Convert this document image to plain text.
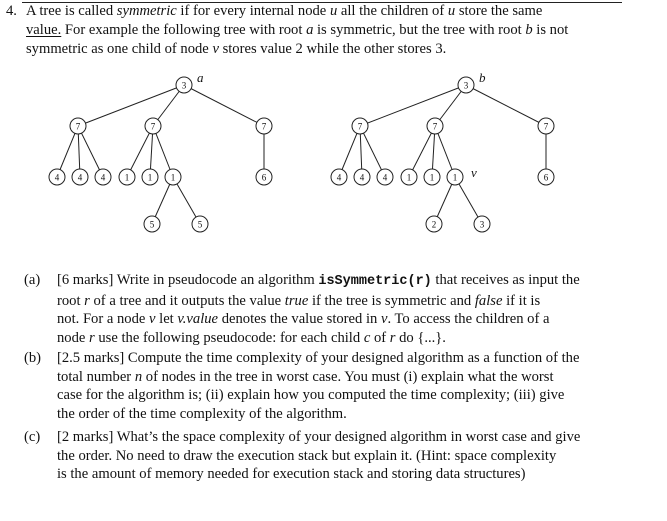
4. A tree is called symmetric if for every internal node u all the children of u store the same
value. For example the following tree with root a is symmetric, but the tree with root b is not
symmetric as one child of node v stores value 2 while the other stores 3.
3
7	7	7
4 4 4 1 1 1	6
5	5
a
3
7	7	7
4 4 4 1 1 1	6
2	3
b
v
(a) [6 marks] Write in pseudocode an algorithm isSymmetric(r) that receives as input the
root r of a tree and it outputs the value true if the tree is symmetric and false if it is
not. For a node v let v.value denotes the value stored in v. To access the children of a
node r use the following pseudocode: for each child c of r do {...}.
(b) [2.5 marks] Compute the time complexity of your designed algorithm as a function of the
total number n of nodes in the tree in worst case. You must (i) explain what the worst
case for the algorithm is; (ii) explain how you computed the time complexity; (iii) give
the order of the time complexity of the algorithm.
(c) [2 marks] What’s the space complexity of your designed algorithm in worst case and give
the order. No need to draw the execution stack but explain it. (Hint: space complexity
is the amount of memory needed for execution stack and storing data structures)
